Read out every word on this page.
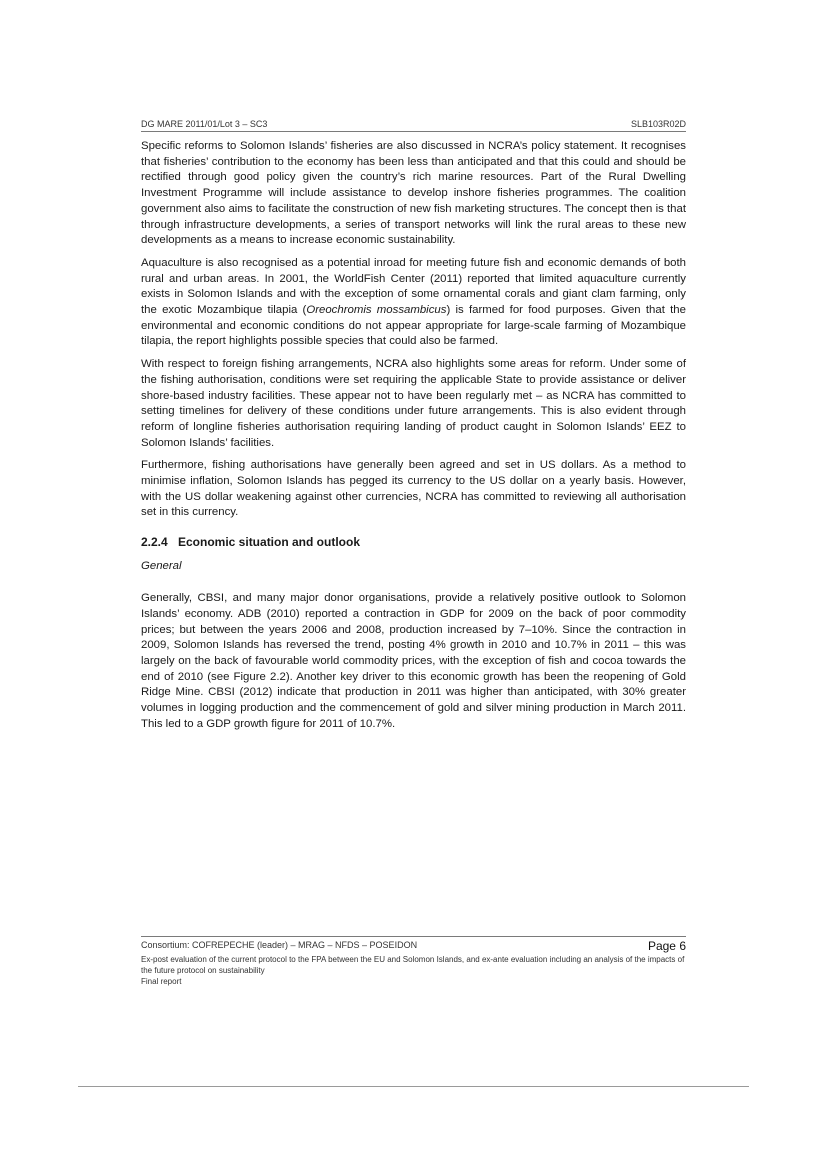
DG MARE 2011/01/Lot 3 – SC3	SLB103R02D

Specific reforms to Solomon Islands’ fisheries are also discussed in NCRA’s policy statement. It recognises that fisheries’ contribution to the economy has been less than anticipated and that this could and should be rectified through good policy given the country’s rich marine resources. Part of the Rural Dwelling Investment Programme will include assistance to develop inshore fisheries programmes. The coalition government also aims to facilitate the construction of new fish marketing structures. The concept then is that through infrastructure developments, a series of transport networks will link the rural areas to these new developments as a means to increase economic sustainability.

Aquaculture is also recognised as a potential inroad for meeting future fish and economic demands of both rural and urban areas. In 2001, the WorldFish Center (2011) reported that limited aquaculture currently exists in Solomon Islands and with the exception of some ornamental corals and giant clam farming, only the exotic Mozambique tilapia (Oreochromis mossambicus) is farmed for food purposes. Given that the environmental and economic conditions do not appear appropriate for large-scale farming of Mozambique tilapia, the report highlights possible species that could also be farmed.

With respect to foreign fishing arrangements, NCRA also highlights some areas for reform. Under some of the fishing authorisation, conditions were set requiring the applicable State to provide assistance or deliver shore-based industry facilities. These appear not to have been regularly met – as NCRA has committed to setting timelines for delivery of these conditions under future arrangements. This is also evident through reform of longline fisheries authorisation requiring landing of product caught in Solomon Islands’ EEZ to Solomon Islands’ facilities.

Furthermore, fishing authorisations have generally been agreed and set in US dollars. As a method to minimise inflation, Solomon Islands has pegged its currency to the US dollar on a yearly basis. However, with the US dollar weakening against other currencies, NCRA has committed to reviewing all authorisation set in this currency.

2.2.4 Economic situation and outlook
General

Generally, CBSI, and many major donor organisations, provide a relatively positive outlook to Solomon Islands’ economy. ADB (2010) reported a contraction in GDP for 2009 on the back of poor commodity prices; but between the years 2006 and 2008, production increased by 7–10%. Since the contraction in 2009, Solomon Islands has reversed the trend, posting 4% growth in 2010 and 10.7% in 2011 – this was largely on the back of favourable world commodity prices, with the exception of fish and cocoa towards the end of 2010 (see Figure 2.2). Another key driver to this economic growth has been the reopening of Gold Ridge Mine. CBSI (2012) indicate that production in 2011 was higher than anticipated, with 30% greater volumes in logging production and the commencement of gold and silver mining production in March 2011. This led to a GDP growth figure for 2011 of 10.7%.

Consortium: COFREPECHE (leader) – MRAG – NFDS – POSEIDON	Page 6
Ex-post evaluation of the current protocol to the FPA between the EU and Solomon Islands, and ex-ante evaluation including an analysis of the impacts of the future protocol on sustainability
Final report
